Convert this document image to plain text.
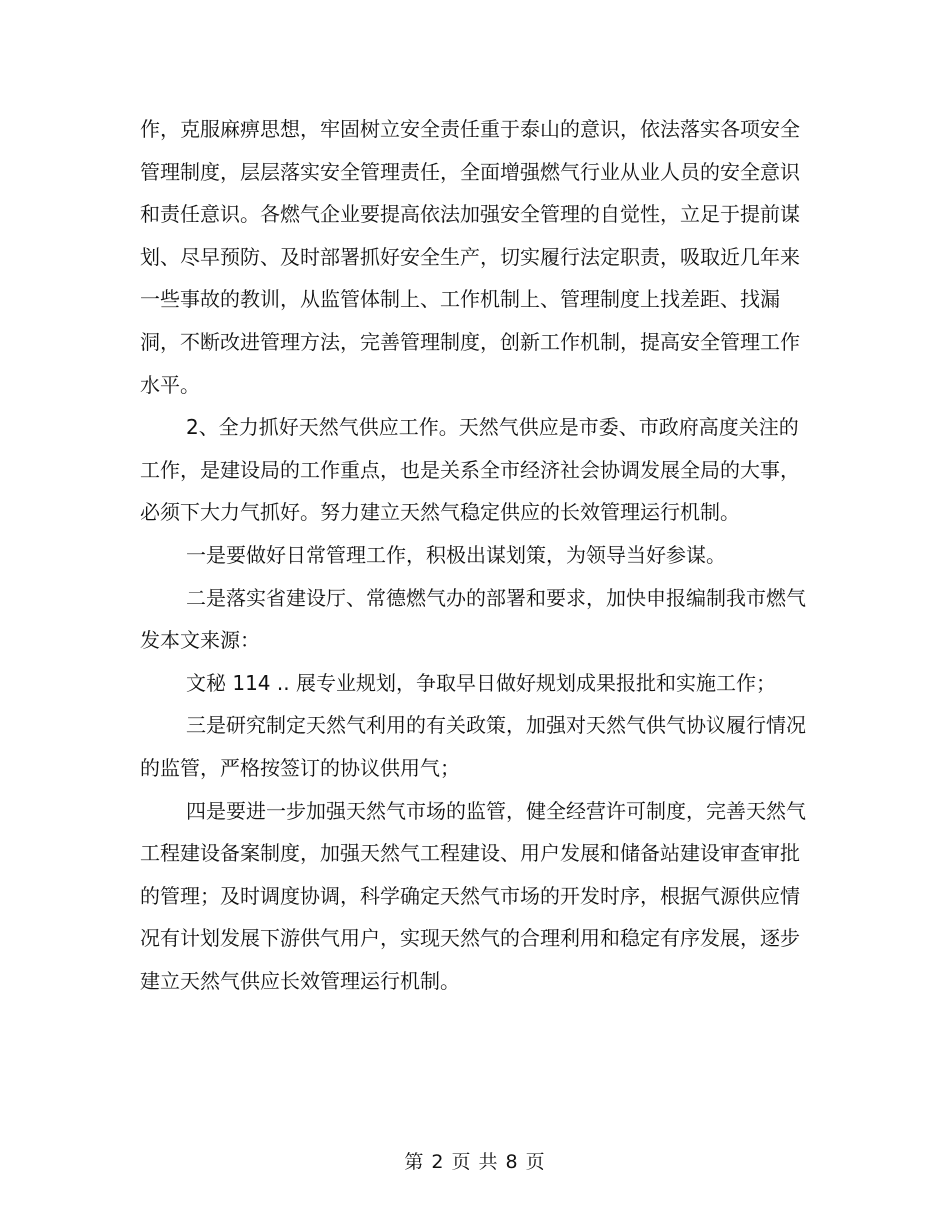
作，克服麻痹思想，牢固树立安全责任重于泰山的意识，依法落实各项安全管理制度，层层落实安全管理责任，全面增强燃气行业从业人员的安全意识和责任意识。各燃气企业要提高依法加强安全管理的自觉性，立足于提前谋划、尽早预防、及时部署抓好安全生产，切实履行法定职责，吸取近几年来一些事故的教训，从监管体制上、工作机制上、管理制度上找差距、找漏洞，不断改进管理方法，完善管理制度，创新工作机制，提高安全管理工作水平。

2、全力抓好天然气供应工作。天然气供应是市委、市政府高度关注的工作，是建设局的工作重点，也是关系全市经济社会协调发展全局的大事，必须下大力气抓好。努力建立天然气稳定供应的长效管理运行机制。

一是要做好日常管理工作，积极出谋划策，为领导当好参谋。

二是落实省建设厅、常德燃气办的部署和要求，加快申报编制我市燃气发本文来源：

文秘 114 .. 展专业规划，争取早日做好规划成果报批和实施工作；

三是研究制定天然气利用的有关政策，加强对天然气供气协议履行情况的监管，严格按签订的协议供用气；

四是要进一步加强天然气市场的监管，健全经营许可制度，完善天然气工程建设备案制度，加强天然气工程建设、用户发展和储备站建设审查审批的管理；及时调度协调，科学确定天然气市场的开发时序，根据气源供应情况有计划发展下游供气用户，实现天然气的合理利用和稳定有序发展，逐步建立天然气供应长效管理运行机制。

第 2 页 共 8 页
